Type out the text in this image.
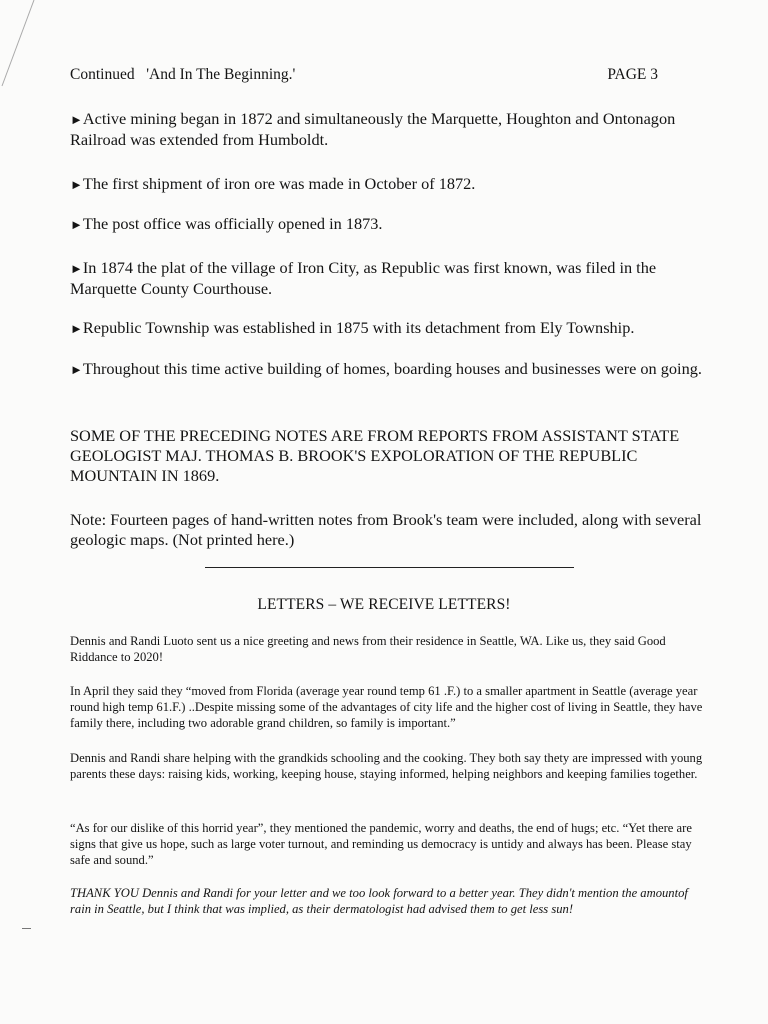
Continued   'And In The Beginning.'	PAGE 3
►Active mining began in 1872 and simultaneously the Marquette, Houghton and Ontonagon Railroad was extended from Humboldt.
►The first shipment of iron ore was made in October of 1872.
►The post office was officially opened in 1873.
►In 1874 the plat of the village of Iron City, as Republic was first known, was filed in the Marquette County Courthouse.
►Republic Township was established in 1875 with its detachment from Ely Township.
►Throughout this time active building of homes, boarding houses and businesses were on going.
SOME OF THE PRECEDING NOTES ARE FROM REPORTS FROM ASSISTANT STATE GEOLOGIST MAJ. THOMAS B. BROOK'S EXPOLORATION OF THE REPUBLIC MOUNTAIN IN 1869.
Note: Fourteen pages of hand-written notes from Brook's team were included, along with several geologic maps. (Not printed here.)
LETTERS – WE RECEIVE LETTERS!
Dennis and Randi Luoto sent us a nice greeting and news from their residence in Seattle, WA. Like us, they said Good Riddance to 2020!
In April they said they “moved from Florida (average year round temp 61 .F.) to a smaller apartment in Seattle (average year round high temp 61.F.) ..Despite missing some of the advantages of city life and the higher cost of living in Seattle, they have family there, including two adorable grand children, so family is important.”
Dennis and Randi share helping with the grandkids schooling and the cooking. They both say thety are impressed with young parents these days: raising kids, working, keeping house, staying informed, helping neighbors and keeping families together.
“As for our dislike of this horrid year”, they mentioned the pandemic, worry and deaths, the end of hugs; etc. “Yet there are signs that give us hope, such as large voter turnout, and reminding us democracy is untidy and always has been. Please stay safe and sound.”
THANK YOU Dennis and Randi for your letter and we too look forward to a better year. They didn't mention the amountof rain in Seattle, but I think that was implied, as their dermatologist had advised them to get less sun!
